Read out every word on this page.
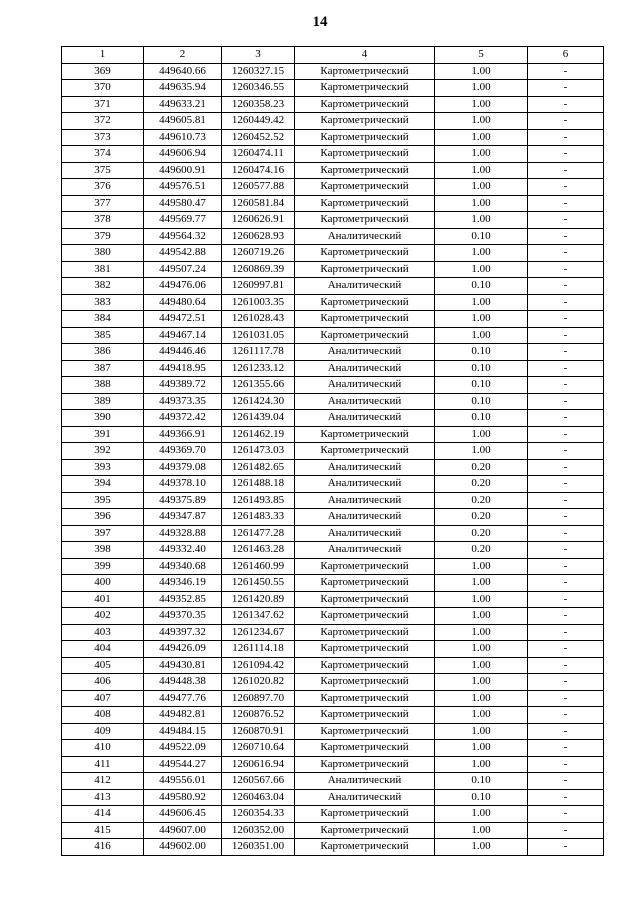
14
1	2	3	4	5	6
369	449640.66	1260327.15	Картометрический	1.00	-
370	449635.94	1260346.55	Картометрический	1.00	-
371	449633.21	1260358.23	Картометрический	1.00	-
372	449605.81	1260449.42	Картометрический	1.00	-
373	449610.73	1260452.52	Картометрический	1.00	-
374	449606.94	1260474.11	Картометрический	1.00	-
375	449600.91	1260474.16	Картометрический	1.00	-
376	449576.51	1260577.88	Картометрический	1.00	-
377	449580.47	1260581.84	Картометрический	1.00	-
378	449569.77	1260626.91	Картометрический	1.00	-
379	449564.32	1260628.93	Аналитический	0.10	-
380	449542.88	1260719.26	Картометрический	1.00	-
381	449507.24	1260869.39	Картометрический	1.00	-
382	449476.06	1260997.81	Аналитический	0.10	-
383	449480.64	1261003.35	Картометрический	1.00	-
384	449472.51	1261028.43	Картометрический	1.00	-
385	449467.14	1261031.05	Картометрический	1.00	-
386	449446.46	1261117.78	Аналитический	0.10	-
387	449418.95	1261233.12	Аналитический	0.10	-
388	449389.72	1261355.66	Аналитический	0.10	-
389	449373.35	1261424.30	Аналитический	0.10	-
390	449372.42	1261439.04	Аналитический	0.10	-
391	449366.91	1261462.19	Картометрический	1.00	-
392	449369.70	1261473.03	Картометрический	1.00	-
393	449379.08	1261482.65	Аналитический	0.20	-
394	449378.10	1261488.18	Аналитический	0.20	-
395	449375.89	1261493.85	Аналитический	0.20	-
396	449347.87	1261483.33	Аналитический	0.20	-
397	449328.88	1261477.28	Аналитический	0.20	-
398	449332.40	1261463.28	Аналитический	0.20	-
399	449340.68	1261460.99	Картометрический	1.00	-
400	449346.19	1261450.55	Картометрический	1.00	-
401	449352.85	1261420.89	Картометрический	1.00	-
402	449370.35	1261347.62	Картометрический	1.00	-
403	449397.32	1261234.67	Картометрический	1.00	-
404	449426.09	1261114.18	Картометрический	1.00	-
405	449430.81	1261094.42	Картометрический	1.00	-
406	449448.38	1261020.82	Картометрический	1.00	-
407	449477.76	1260897.70	Картометрический	1.00	-
408	449482.81	1260876.52	Картометрический	1.00	-
409	449484.15	1260870.91	Картометрический	1.00	-
410	449522.09	1260710.64	Картометрический	1.00	-
411	449544.27	1260616.94	Картометрический	1.00	-
412	449556.01	1260567.66	Аналитический	0.10	-
413	449580.92	1260463.04	Аналитический	0.10	-
414	449606.45	1260354.33	Картометрический	1.00	-
415	449607.00	1260352.00	Картометрический	1.00	-
416	449602.00	1260351.00	Картометрический	1.00	-
